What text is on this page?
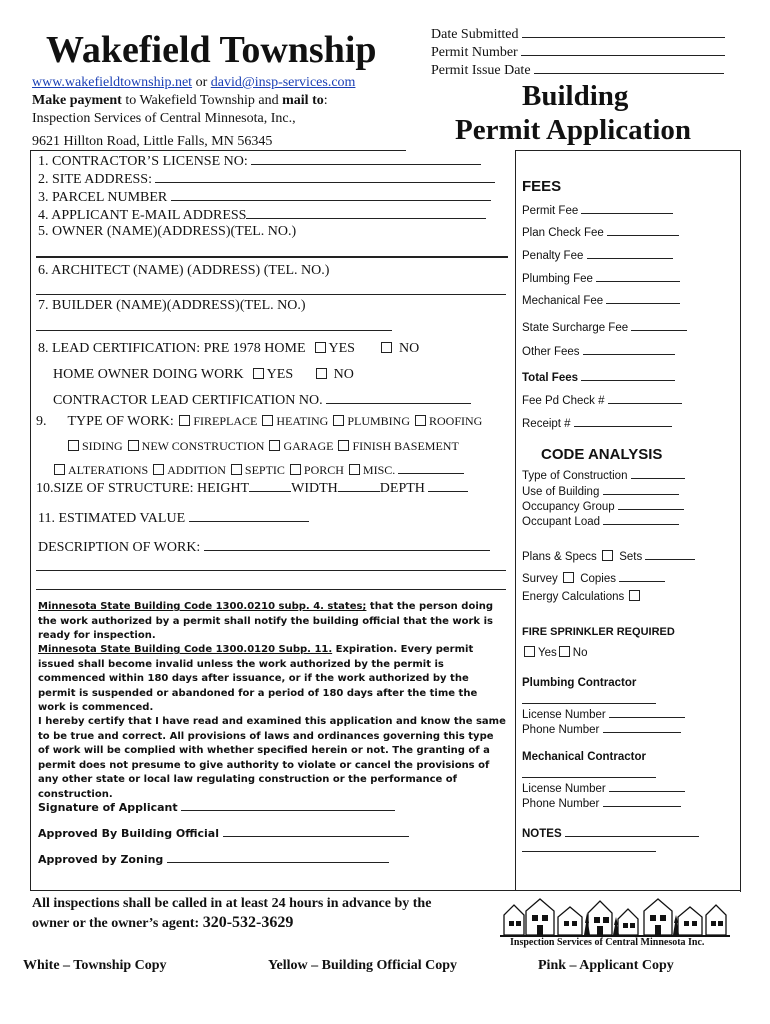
Wakefield Township
www.wakefieldtownship.net or david@insp-services.com
Make payment to Wakefield Township and mail to:
Inspection Services of Central Minnesota, Inc.,
9621 Hillton Road, Little Falls, MN 56345
Date Submitted
Permit Number
Permit Issue Date
Building
Permit Application
1. CONTRACTOR’S LICENSE NO:
2. SITE ADDRESS:
3. PARCEL NUMBER
4. APPLICANT E-MAIL ADDRESS
5. OWNER (NAME)(ADDRESS)(TEL. NO.)
6. ARCHITECT (NAME) (ADDRESS) (TEL. NO.)
7. BUILDER (NAME)(ADDRESS)(TEL. NO.)
8. LEAD CERTIFICATION: PRE 1978 HOME YES	NO
HOME OWNER DOING WORK YES	NO
CONTRACTOR LEAD CERTIFICATION NO.
9. TYPE OF WORK: FIREPLACE HEATING PLUMBING ROOFING
SIDING NEW CONSTRUCTION GARAGE FINISH BASEMENT
ALTERATIONS ADDITION SEPTIC PORCH MISC.
10.SIZE OF STRUCTURE: HEIGHT	WIDTH	DEPTH
11. ESTIMATED VALUE
DESCRIPTION OF WORK:
Minnesota State Building Code 1300.0210 subp. 4. states; that the person doing the work authorized by a permit shall notify the building official that the work is ready for inspection.
Minnesota State Building Code 1300.0120 Subp. 11. Expiration. Every permit issued shall become invalid unless the work authorized by the permit is commenced within 180 days after issuance, or if the work authorized by the permit is suspended or abandoned for a period of 180 days after the time the work is commenced.
I hereby certify that I have read and examined this application and know the same to be true and correct. All provisions of laws and ordinances governing this type of work will be complied with whether specified herein or not. The granting of a permit does not presume to give authority to violate or cancel the provisions of any other state or local law regulating construction or the performance of construction.
Signature of Applicant
Approved By Building Official
Approved by Zoning
FEES
Permit Fee
Plan Check Fee
Penalty Fee
Plumbing Fee
Mechanical Fee
State Surcharge Fee
Other Fees
Total Fees
Fee Pd Check #
Receipt #
CODE ANALYSIS
Type of Construction
Use of Building
Occupancy Group
Occupant Load
Plans & Specs Sets
Survey Copies
Energy Calculations
FIRE SPRINKLER REQUIRED
Yes No
Plumbing Contractor
License Number
Phone Number
Mechanical Contractor
License Number
Phone Number
NOTES
All inspections shall be called in at least 24 hours in advance by the
owner or the owner’s agent: 320-532-3629
Inspection Services of Central Minnesota Inc.
White – Township Copy	Yellow – Building Official Copy	Pink – Applicant Copy
